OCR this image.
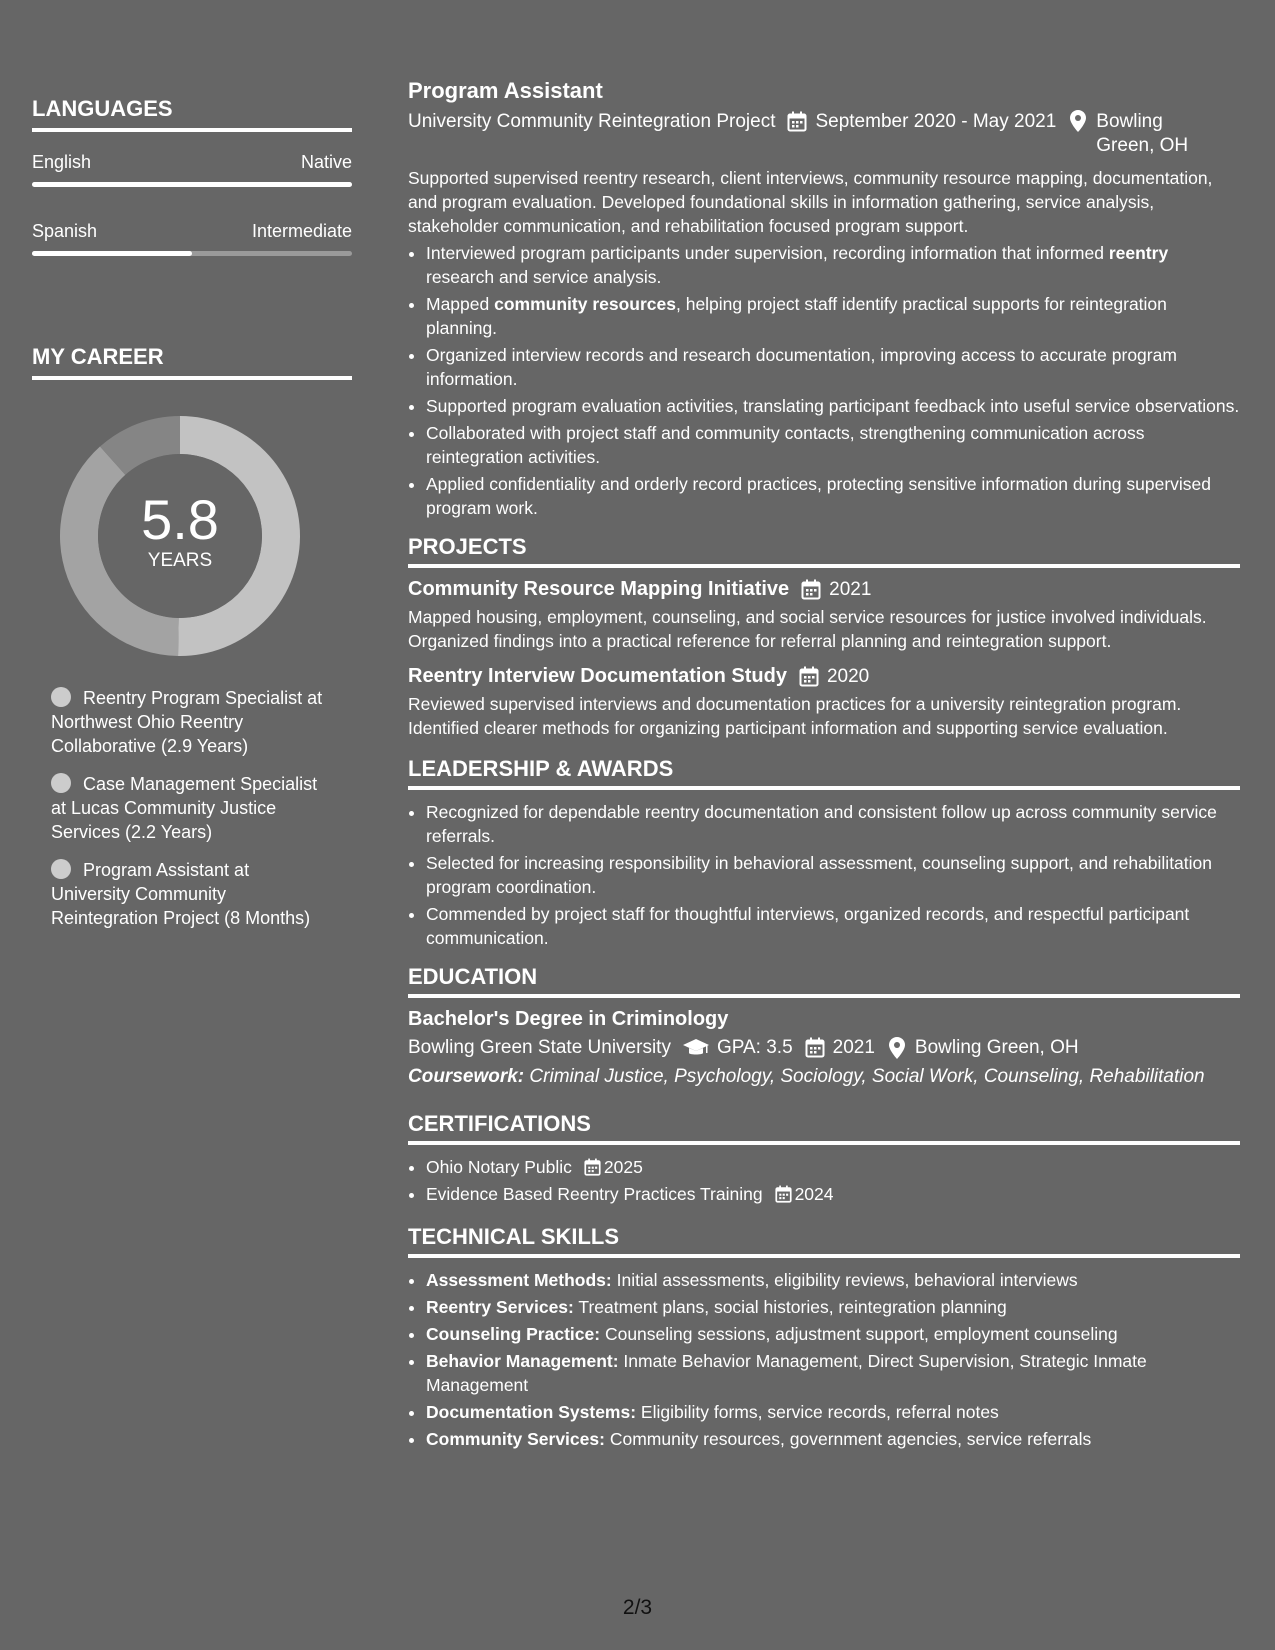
LANGUAGES
English	Native
Spanish	Intermediate
MY CAREER
5.8
YEARS
Reentry Program Specialist at Northwest Ohio Reentry Collaborative (2.9 Years)
Case Management Specialist at Lucas Community Justice Services (2.2 Years)
Program Assistant at University Community Reintegration Project (8 Months)
Program Assistant
University Community Reintegration Project September 2020 - May 2021 Bowling Green, OH

Supported supervised reentry research, client interviews, community resource mapping, documentation, and program evaluation. Developed foundational skills in information gathering, service analysis, stakeholder communication, and rehabilitation focused program support.

• Interviewed program participants under supervision, recording information that informed reentry research and service analysis.
• Mapped community resources, helping project staff identify practical supports for reintegration planning.
• Organized interview records and research documentation, improving access to accurate program information.
• Supported program evaluation activities, translating participant feedback into useful service observations.
• Collaborated with project staff and community contacts, strengthening communication across reintegration activities.
• Applied confidentiality and orderly record practices, protecting sensitive information during supervised program work.
PROJECTS
Community Resource Mapping Initiative 2021

Mapped housing, employment, counseling, and social service resources for justice involved individuals. Organized findings into a practical reference for referral planning and reintegration support.

Reentry Interview Documentation Study 2020

Reviewed supervised interviews and documentation practices for a university reintegration program. Identified clearer methods for organizing participant information and supporting service evaluation.

LEADERSHIP & AWARDS
• Recognized for dependable reentry documentation and consistent follow up across community service referrals.
• Selected for increasing responsibility in behavioral assessment, counseling support, and rehabilitation program coordination.
• Commended by project staff for thoughtful interviews, organized records, and respectful participant communication.
EDUCATION
Bachelor's Degree in Criminology
Bowling Green State University GPA: 3.5 2021 Bowling Green, OH
Coursework: Criminal Justice, Psychology, Sociology, Social Work, Counseling, Rehabilitation
CERTIFICATIONS
• Ohio Notary Public 2025
• Evidence Based Reentry Practices Training 2024
TECHNICAL SKILLS
• Assessment Methods: Initial assessments, eligibility reviews, behavioral interviews
• Reentry Services: Treatment plans, social histories, reintegration planning
• Counseling Practice: Counseling sessions, adjustment support, employment counseling
• Behavior Management: Inmate Behavior Management, Direct Supervision, Strategic Inmate Management
• Documentation Systems: Eligibility forms, service records, referral notes
• Community Services: Community resources, government agencies, service referrals
2/3
